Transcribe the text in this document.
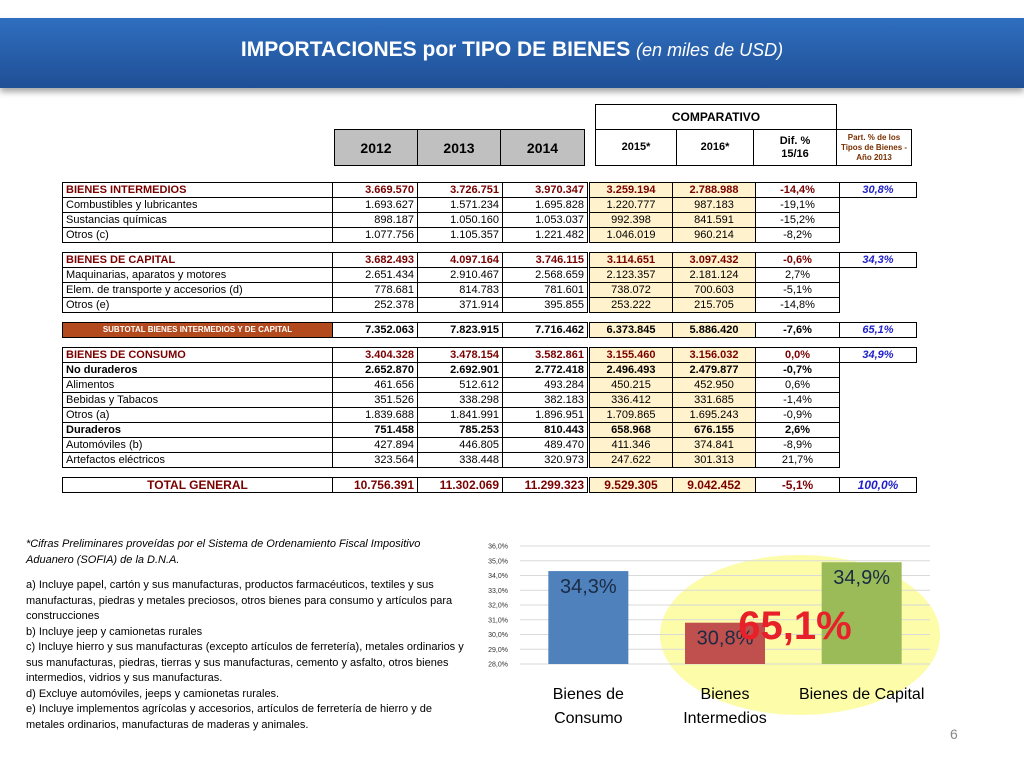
IMPORTACIONES por TIPO DE BIENES (en miles de USD)
COMPARATIVO
2012	2013	2014	2015*	2016*
Dif. % 15/16
Part. % de los Tipos de Bienes - Año 2013
BIENES INTERMEDIOS	3.669.570	3.726.751	3.970.347		3.259.194	2.788.988	-14,4%	30,8%
Combustibles y lubricantes	1.693.627	1.571.234	1.695.828		1.220.777	987.183	-19,1%	
Sustancias químicas	898.187	1.050.160	1.053.037		992.398	841.591	-15,2%	
Otros (c)	1.077.756	1.105.357	1.221.482		1.046.019	960.214	-8,2%	

BIENES DE CAPITAL	3.682.493	4.097.164	3.746.115		3.114.651	3.097.432	-0,6%	34,3%
Maquinarias, aparatos y motores	2.651.434	2.910.467	2.568.659		2.123.357	2.181.124	2,7%	
Elem. de transporte y accesorios (d)	778.681	814.783	781.601		738.072	700.603	-5,1%	
Otros (e)	252.378	371.914	395.855		253.222	215.705	-14,8%	

SUBTOTAL BIENES INTERMEDIOS Y DE CAPITAL	7.352.063	7.823.915	7.716.462		6.373.845	5.886.420	-7,6%	65,1%

BIENES DE CONSUMO	3.404.328	3.478.154	3.582.861		3.155.460	3.156.032	0,0%	34,9%
No duraderos	2.652.870	2.692.901	2.772.418		2.496.493	2.479.877	-0,7%	
Alimentos	461.656	512.612	493.284		450.215	452.950	0,6%	
Bebidas y Tabacos	351.526	338.298	382.183		336.412	331.685	-1,4%	
Otros (a)	1.839.688	1.841.991	1.896.951		1.709.865	1.695.243	-0,9%	
Duraderos	751.458	785.253	810.443		658.968	676.155	2,6%	
Automóviles (b)	427.894	446.805	489.470		411.346	374.841	-8,9%	
Artefactos eléctricos	323.564	338.448	320.973		247.622	301.313	21,7%	

TOTAL GENERAL	10.756.391	11.302.069	11.299.323		9.529.305	9.042.452	-5,1%	100,0%

*Cifras Preliminares proveídas por el Sistema de Ordenamiento Fiscal Impositivo Aduanero (SOFIA) de la D.N.A.

a) Incluye papel, cartón y sus manufacturas, productos farmacéuticos, textiles y sus manufacturas, piedras y metales preciosos, otros bienes para consumo y artículos para construcciones

b) Incluye jeep y camionetas rurales

c) Incluye hierro y sus manufacturas (excepto artículos de ferretería), metales ordinarios y sus manufacturas, piedras, tierras y sus manufacturas, cemento y asfalto, otros bienes intermedios, vidrios y sus manufacturas.

d) Excluye automóviles, jeeps y camionetas rurales.

e) Incluye implementos agrícolas y accesorios, artículos de ferretería de hierro y de metales ordinarios, manufacturas de maderas y animales.

28,0%
29,0%
30,0%
31,0%
32,0%
33,0%
34,0%
35,0%
36,0%
34,3%
Bienes de
Consumo
30,8%
Bienes
Intermedios
34,9%
Bienes de Capital
65,1%
6
